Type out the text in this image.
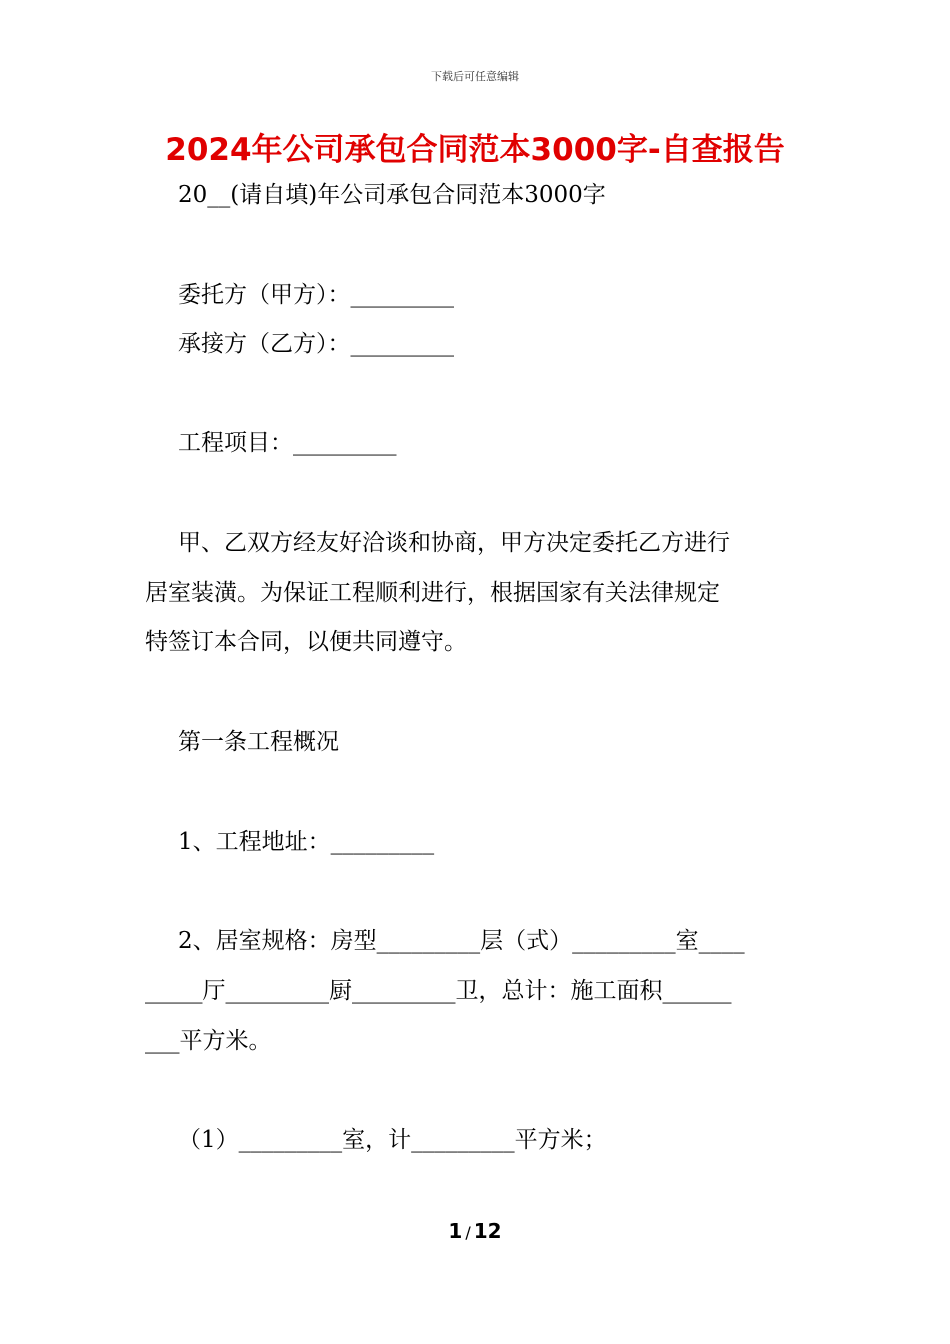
下载后可任意编辑
2024年公司承包合同范本3000字-自查报告
20__(请自填)年公司承包合同范本3000字
委托方（甲方）：_________
承接方（乙方）：_________
工程项目：_________
甲、乙双方经友好洽谈和协商，甲方决定委托乙方进行
居室装潢。为保证工程顺利进行，根据国家有关法律规定
特签订本合同，以便共同遵守。
第一条工程概况
1、工程地址：_________
2、居室规格：房型_________层（式）_________室____
_____厅_________厨_________卫，总计：施工面积______
___平方米。
（1）_________室，计_________平方米；
1 / 12
